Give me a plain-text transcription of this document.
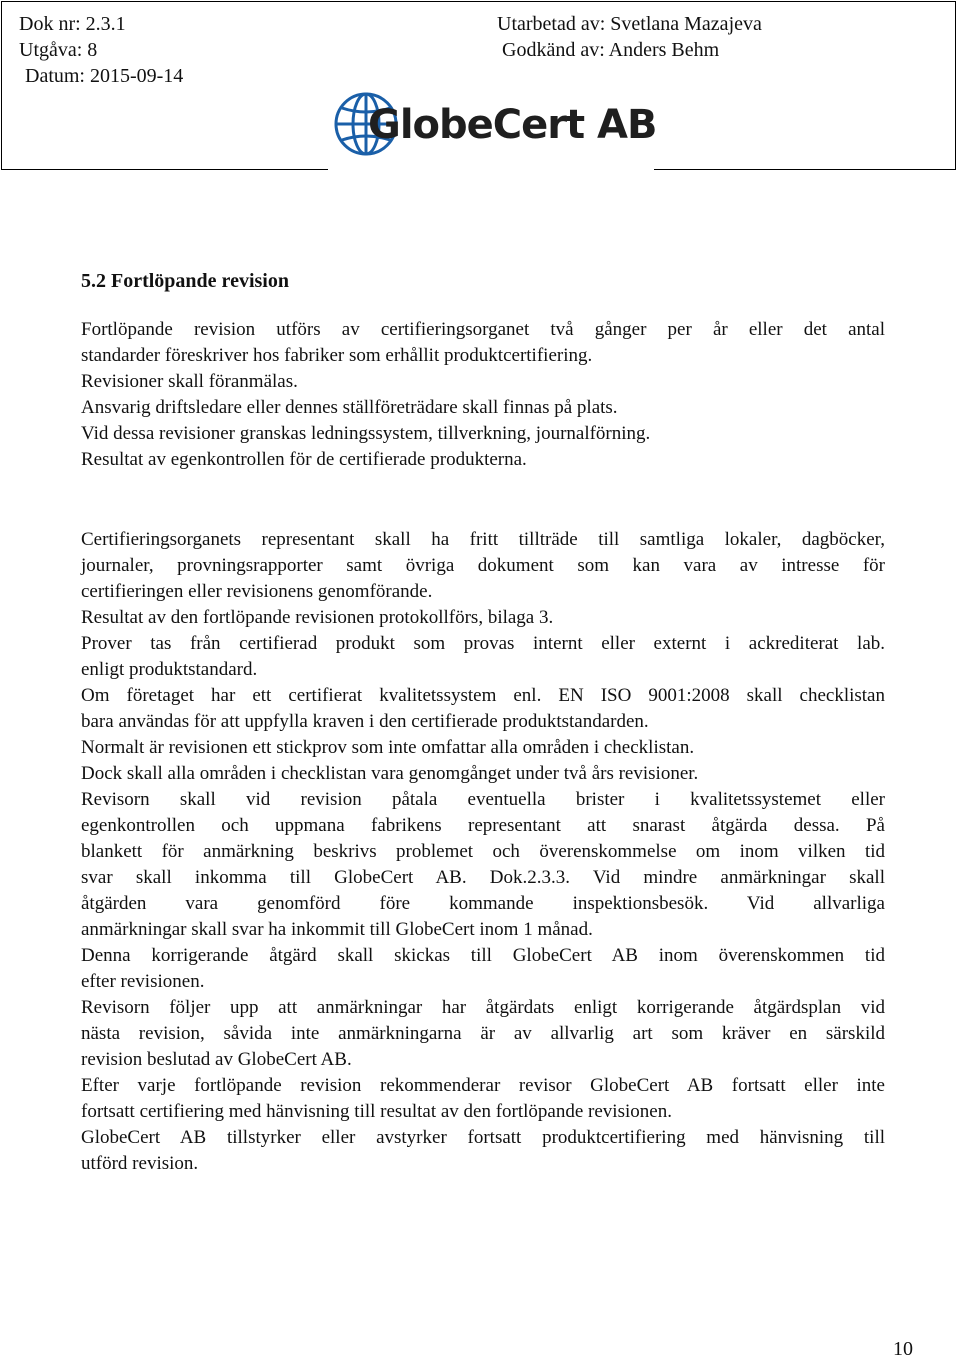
Dok nr: 2.3.1
Utgåva: 8
Datum: 2015-09-14
Utarbetad av: Svetlana Mazajeva
Godkänd av: Anders Behm
GlobeCert AB
5.2 Fortlöpande revision
Fortlöpande revision utförs av certifieringsorganet två gånger per år eller det antal
standarder föreskriver hos fabriker som erhållit produktcertifiering.
Revisioner skall föranmälas.
Ansvarig driftsledare eller dennes ställföreträdare skall finnas på plats.
Vid dessa revisioner granskas ledningssystem, tillverkning, journalförning.
Resultat av egenkontrollen för de certifierade produkterna.
Certifieringsorganets representant skall ha fritt tillträde till samtliga lokaler, dagböcker,
journaler, provningsrapporter samt övriga dokument som kan vara av intresse för
certifieringen eller revisionens genomförande.
Resultat av den fortlöpande revisionen protokollförs, bilaga 3.
Prover tas från certifierad produkt som provas internt eller externt i ackrediterat lab.
enligt produktstandard.
Om företaget har ett certifierat kvalitetssystem enl. EN ISO 9001:2008 skall checklistan
bara användas för att uppfylla kraven i den certifierade produktstandarden.
Normalt är revisionen ett stickprov som inte omfattar alla områden i checklistan.
Dock skall alla områden i checklistan vara genomgånget under två års revisioner.
Revisorn skall vid revision påtala eventuella brister i kvalitetssystemet eller
egenkontrollen och uppmana fabrikens representant att snarast åtgärda dessa. På
blankett för anmärkning beskrivs problemet och överenskommelse om inom vilken tid
svar skall inkomma till GlobeCert AB. Dok.2.3.3. Vid mindre anmärkningar skall
åtgärden vara genomförd före kommande inspektionsbesök. Vid allvarliga
anmärkningar skall svar ha inkommit till GlobeCert inom 1 månad.
Denna korrigerande åtgärd skall skickas till GlobeCert AB inom överenskommen tid
efter revisionen.
Revisorn följer upp att anmärkningar har åtgärdats enligt korrigerande åtgärdsplan vid
nästa revision, såvida inte anmärkningarna är av allvarlig art som kräver en särskild
revision beslutad av GlobeCert AB.
Efter varje fortlöpande revision rekommenderar revisor GlobeCert AB fortsatt eller inte
fortsatt certifiering med hänvisning till resultat av den fortlöpande revisionen.
GlobeCert AB tillstyrker eller avstyrker fortsatt produktcertifiering med hänvisning till
utförd revision.
10
